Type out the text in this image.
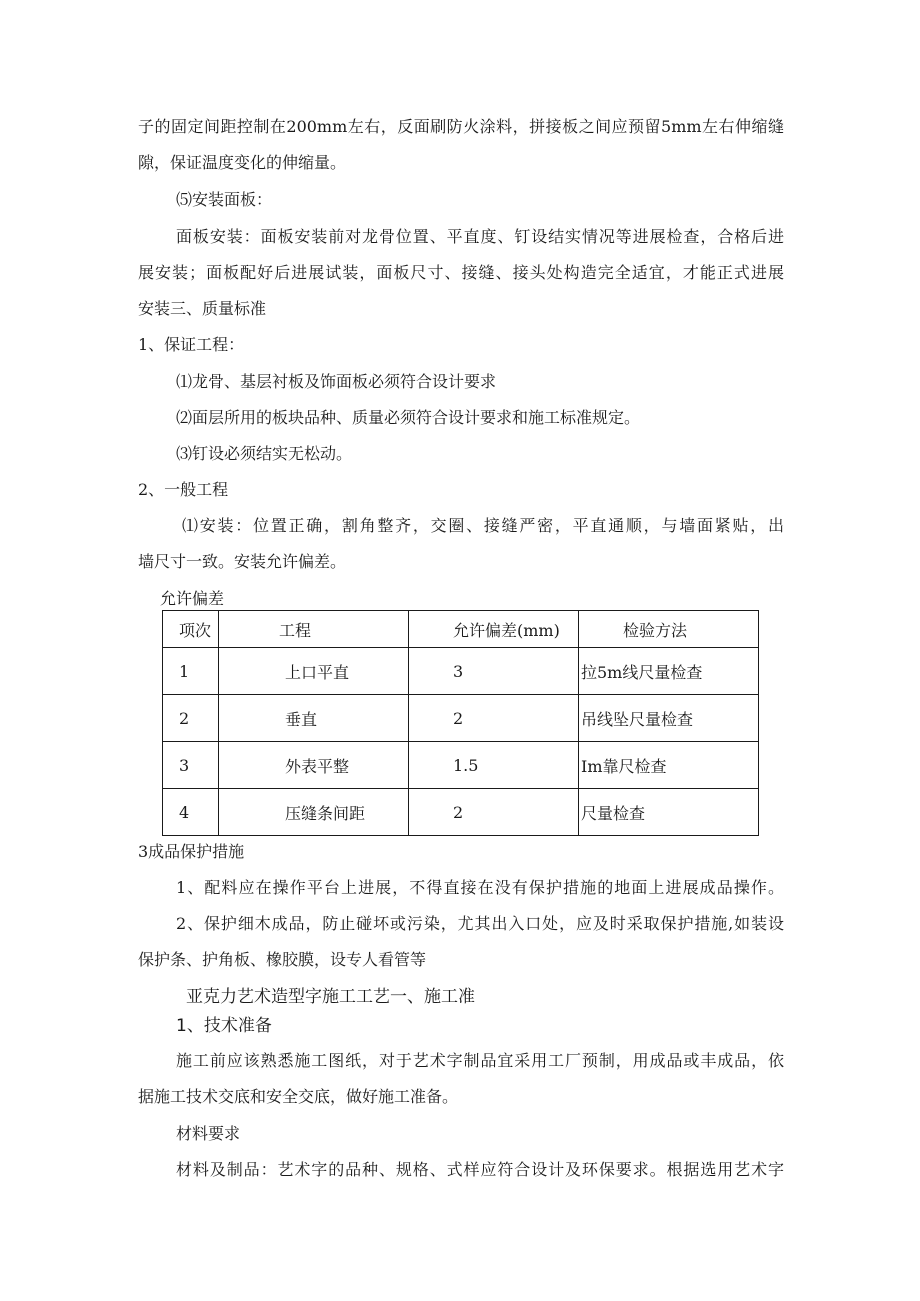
子的固定间距控制在200mm左右，反面刷防火涂料，拼接板之间应预留5mm左右伸缩缝
隙，保证温度变化的伸缩量。
⑸安装面板：
面板安装：面板安装前对龙骨位置、平直度、钉设结实情况等进展检查，合格后进
展安装；面板配好后进展试装，面板尺寸、接缝、接头处构造完全适宜，才能正式进展
安装三、质量标准
1、保证工程：
⑴龙骨、基层衬板及饰面板必须符合设计要求
⑵面层所用的板块品种、质量必须符合设计要求和施工标准规定。
⑶钉设必须结实无松动。
2、一般工程
⑴安装：位置正确，割角整齐，交圈、接缝严密，平直通顺，与墙面紧贴，出
墙尺寸一致。安装允许偏差。
允许偏差
项次	工程	允许偏差(mm)	检验方法
1	上口平直	3	拉5m线尺量检查
2	垂直	2	吊线坠尺量检查
3	外表平整	1.5	Im靠尺检查
4	压缝条间距	2	尺量检查
3成品保护措施
1、配料应在操作平台上进展，不得直接在没有保护措施的地面上进展成品操作。
2、保护细木成品，防止碰坏或污染，尤其出入口处，应及时采取保护措施,如装设
保护条、护角板、橡胶膜，设专人看管等
亚克力艺术造型字施工工艺一、施工准
1、技术准备
施工前应该熟悉施工图纸，对于艺术字制品宜采用工厂预制，用成品或丰成品，依
据施工技术交底和安全交底，做好施工准备。
材料要求
材料及制品：艺术字的品种、规格、式样应符合设计及环保要求。根据选用艺术字
